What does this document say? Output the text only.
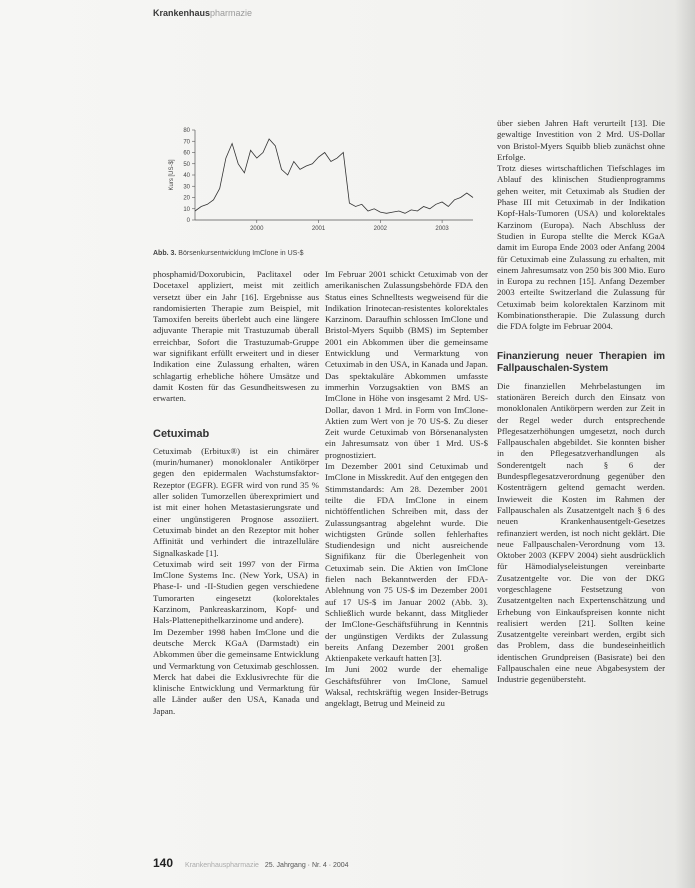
Krankenhauspharmazie
0
10
20
30
40
50
60
70
80
2000	2001	2002	2003
Kurs [US-$]
Abb. 3. Börsenkursentwicklung ImClone in US-$

phosphamid/Doxorubicin, Paclitaxel oder Docetaxel appliziert, meist mit zeitlich versetzt über ein Jahr [16]. Ergebnisse aus randomisierten Therapie zum Beispiel, mit Tamoxifen bereits überlebt auch eine längere adjuvante Therapie mit Trastuzumab überall erreichbar, Sofort die Trastuzumab-Gruppe war signifikant erfüllt erweitert und in dieser Indikation eine Zulassung erhalten, wären schlagartig erhebliche höhere Umsätze und damit Kosten für das Gesundheitswesen zu erwarten.

Cetuximab

Cetuximab (Erbitux®) ist ein chimärer (murin/humaner) monoklonaler Antikörper gegen den epidermalen Wachstumsfaktor-Rezeptor (EGFR). EGFR wird von rund 35 % aller soliden Tumorzellen überexprimiert und ist mit einer hohen Metastasierungsrate und einer ungünstigeren Prognose assoziiert. Cetuximab bindet an den Rezeptor mit hoher Affinität und verhindert die intrazelluläre Signalkaskade [1].

Cetuximab wird seit 1997 von der Firma ImClone Systems Inc. (New York, USA) in Phase-I- und -II-Studien gegen verschiedene Tumorarten eingesetzt (kolorektales Karzinom, Pankreaskarzinom, Kopf- und Hals-Plattenepithelkarzinome und andere).

Im Dezember 1998 haben ImClone und die deutsche Merck KGaA (Darmstadt) ein Abkommen über die gemeinsame Entwicklung und Vermarktung von Cetuximab geschlossen. Merck hat dabei die Exklusivrechte für die klinische Entwicklung und Vermarktung für alle Länder außer den USA, Kanada und Japan.

Im Februar 2001 schickt Cetuximab von der amerikanischen Zulassungsbehörde FDA den Status eines Schnelltests wegweisend für die Indikation Irinotecan-resistentes kolorektales Karzinom. Daraufhin schlossen ImClone und Bristol-Myers Squibb (BMS) im September 2001 ein Abkommen über die gemeinsame Entwicklung und Vermarktung von Cetuximab in den USA, in Kanada und Japan. Das spektakuläre Abkommen umfasste immerhin Vorzugsaktien von BMS an ImClone in Höhe von insgesamt 2 Mrd. US-Dollar, davon 1 Mrd. in Form von ImClone-Aktien zum Wert von je 70 US-$. Zu dieser Zeit wurde Cetuximab von Börsenanalysten ein Jahresumsatz von über 1 Mrd. US-$ prognostiziert.

Im Dezember 2001 sind Cetuximab und ImClone in Misskredit. Auf den entgegen den Stimmstandards: Am 28. Dezember 2001 teilte die FDA ImClone in einem nichtöffentlichen Schreiben mit, dass der Zulassungsantrag abgelehnt wurde. Die wichtigsten Gründe sollen fehlerhaftes Studiendesign und nicht ausreichende Signifikanz für die Überlegenheit von Cetuximab sein. Die Aktien von ImClone fielen nach Bekanntwerden der FDA-Ablehnung von 75 US-$ im Dezember 2001 auf 17 US-$ im Januar 2002 (Abb. 3). Schließlich wurde bekannt, dass Mitglieder der ImClone-Geschäftsführung in Kenntnis der ungünstigen Verdikts der Zulassung bereits Anfang Dezember 2001 großen Aktienpakete verkauft hatten [3].

Im Juni 2002 wurde der ehemalige Geschäftsführer von ImClone, Samuel Waksal, rechtskräftig wegen Insider-Betrugs angeklagt, Betrug und Meineid zu

über sieben Jahren Haft verurteilt [13]. Die gewaltige Investition von 2 Mrd. US-Dollar von Bristol-Myers Squibb blieb zunächst ohne Erfolge.

Trotz dieses wirtschaftlichen Tiefschlages im Ablauf des klinischen Studienprogramms gehen weiter, mit Cetuximab als Studien der Phase III mit Cetuximab in der Indikation Kopf-Hals-Tumoren (USA) und kolorektales Karzinom (Europa). Nach Abschluss der Studien in Europa stellte die Merck KGaA damit im Europa Ende 2003 oder Anfang 2004 für Cetuximab eine Zulassung zu erhalten, mit einem Jahresumsatz von 250 bis 300 Mio. Euro in Europa zu rechnen [15]. Anfang Dezember 2003 erteilte Switzerland die Zulassung für Cetuximab beim kolorektalen Karzinom mit Kombinationstherapie. Die Zulassung durch die FDA folgte im Februar 2004.

Finanzierung neuer Therapien im Fallpauschalen-System

Die finanziellen Mehrbelastungen im stationären Bereich durch den Einsatz von monoklonalen Antikörpern werden zur Zeit in der Regel weder durch entsprechende Pflegesatzerhöhungen umgesetzt, noch durch Fallpauschalen abgebildet. Sie konnten bisher in den Pflegesatzverhandlungen als Sonderentgelt nach § 6 der Bundespflegesatzverordnung gegenüber den Kostenträgern geltend gemacht werden. Inwieweit die Kosten im Rahmen der Fallpauschalen als Zusatzentgelt nach § 6 des neuen Krankenhausentgelt-Gesetzes refinanziert werden, ist noch nicht geklärt. Die neue Fallpauschalen-Verordnung vom 13. Oktober 2003 (KFPV 2004) sieht ausdrücklich für Hämodialyseleistungen vereinbarte Zusatzentgelte vor. Die von der DKG vorgeschlagene Festsetzung von Zusatzentgelten nach Expertenschätzung und Erhebung von Einkaufspreisen konnte nicht realisiert werden [21]. Sollten keine Zusatzentgelte vereinbart werden, ergibt sich das Problem, dass die bundeseinheitlich identischen Grundpreisen (Basisrate) bei den Fallpauschalen eine neue Abgabesystem der Industrie gegenübersteht.

140 Krankenhauspharmazie 25. Jahrgang · Nr. 4 · 2004
